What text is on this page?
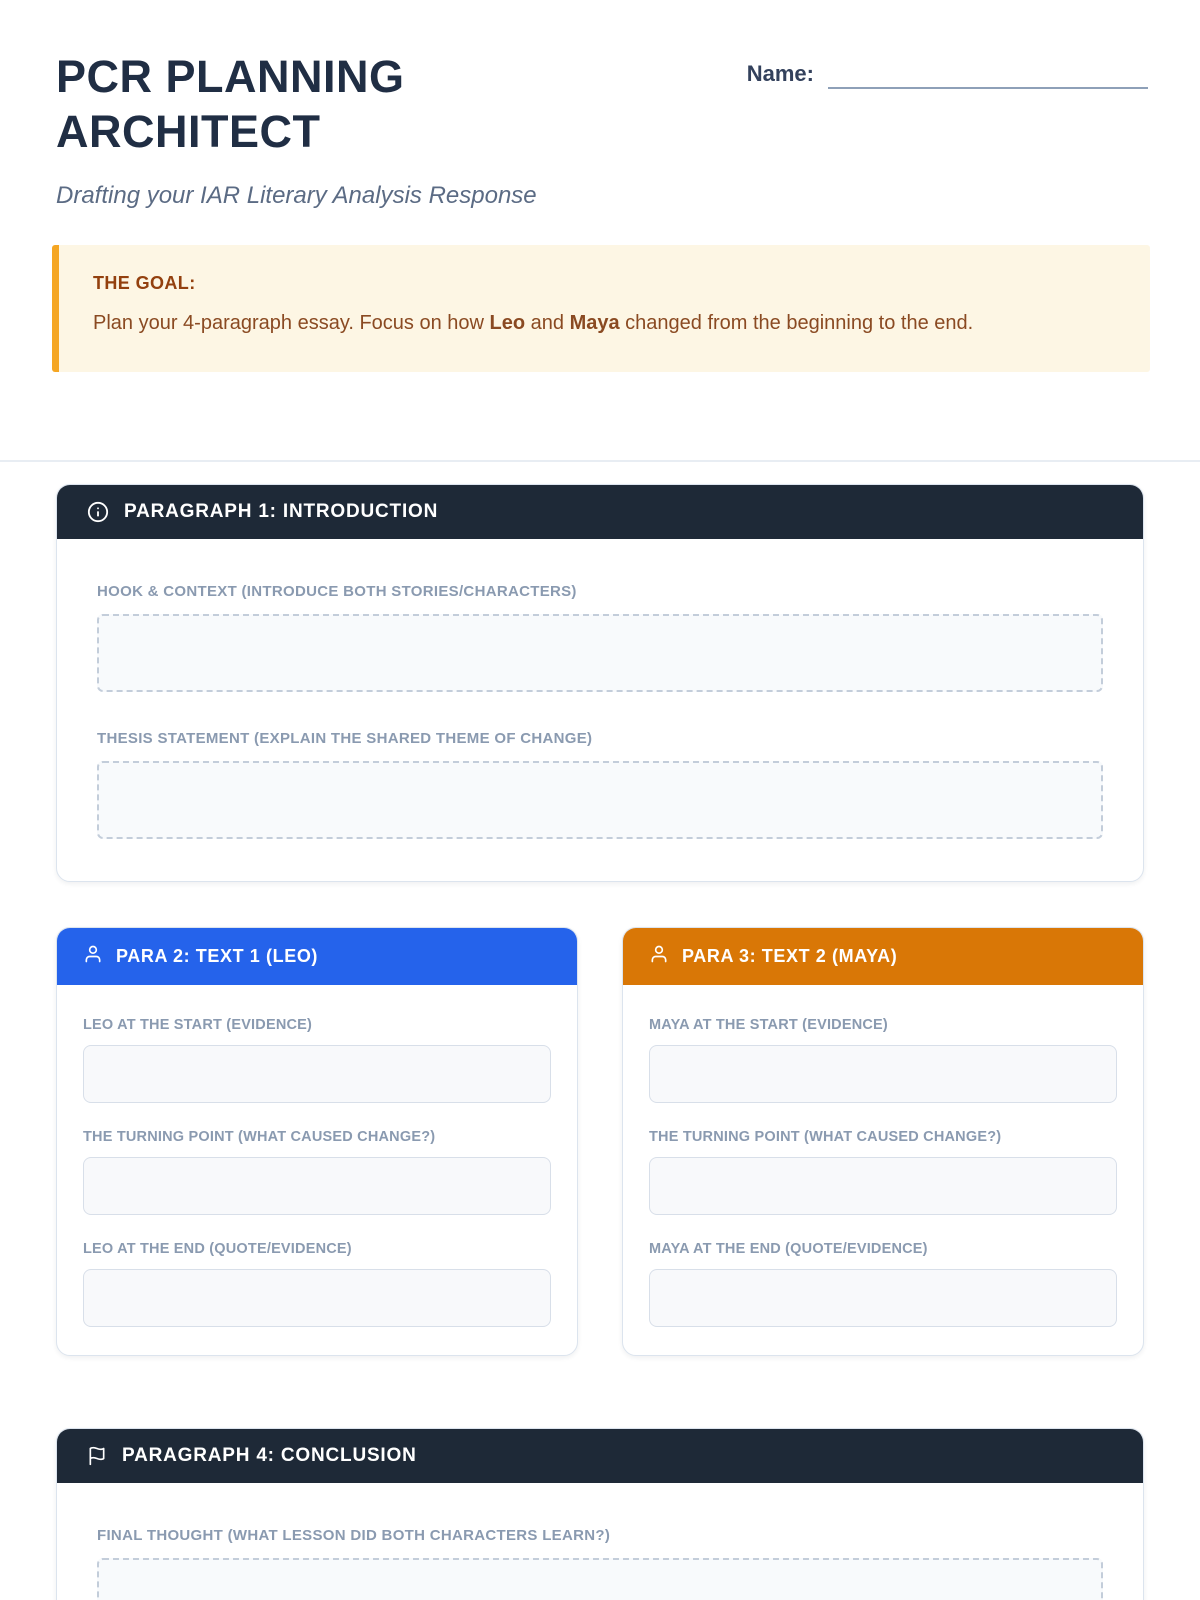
PCR PLANNING ARCHITECT
Name:

Drafting your IAR Literary Analysis Response

THE GOAL:

Plan your 4-paragraph essay. Focus on how Leo and Maya changed from the beginning to the end.

PARAGRAPH 1: INTRODUCTION
HOOK & CONTEXT (INTRODUCE BOTH STORIES/CHARACTERS)
THESIS STATEMENT (EXPLAIN THE SHARED THEME OF CHANGE)
PARA 2: TEXT 1 (LEO)
LEO AT THE START (EVIDENCE)
THE TURNING POINT (WHAT CAUSED CHANGE?)
LEO AT THE END (QUOTE/EVIDENCE)
PARA 3: TEXT 2 (MAYA)
MAYA AT THE START (EVIDENCE)
THE TURNING POINT (WHAT CAUSED CHANGE?)
MAYA AT THE END (QUOTE/EVIDENCE)
PARAGRAPH 4: CONCLUSION
FINAL THOUGHT (WHAT LESSON DID BOTH CHARACTERS LEARN?)
